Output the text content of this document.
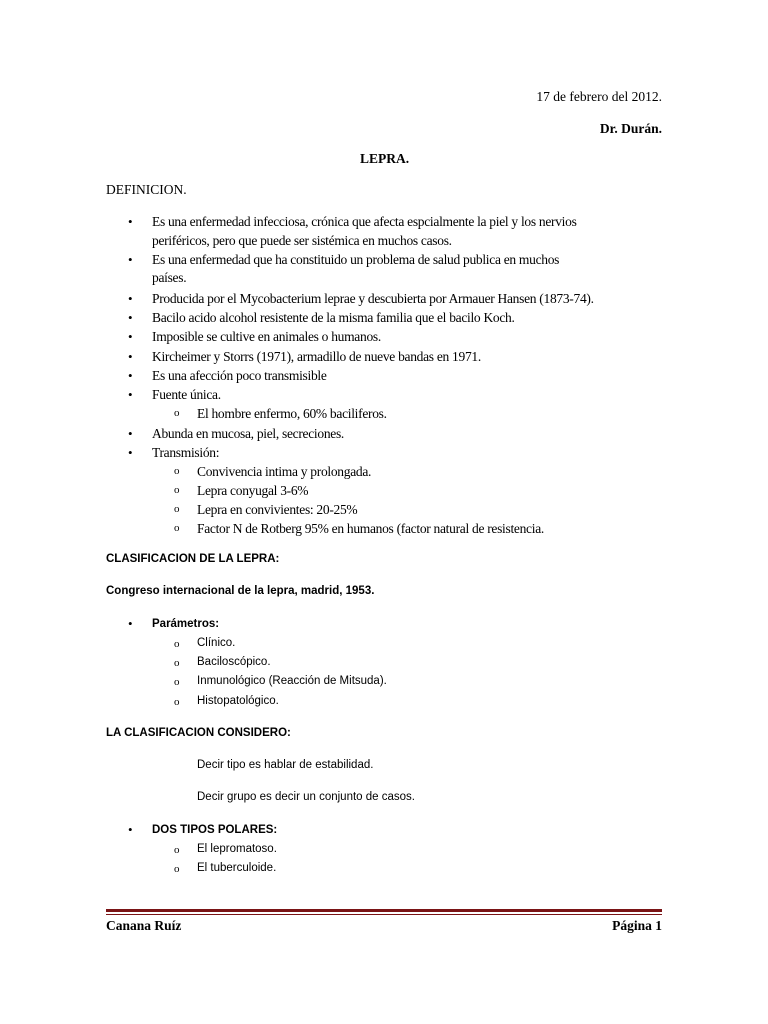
17 de febrero del 2012.
Dr. Durán.
LEPRA.
DEFINICION.
• Es una enfermedad infecciosa, crónica que afecta espcialmente la piel y los nervios
periféricos, pero que puede ser sistémica en muchos casos.
• Es una enfermedad que ha constituido un problema de salud publica en muchos
países.
• Producida por el Mycobacterium leprae y descubierta por Armauer Hansen (1873-74).
• Bacilo acido alcohol resistente de la misma familia que el bacilo Koch.
• Imposible se cultive en animales o humanos.
• Kircheimer y Storrs (1971), armadillo de nueve bandas en 1971.
• Es una afección poco transmisible
• Fuente única.
o El hombre enfermo, 60% baciliferos.
• Abunda en mucosa, piel, secreciones.
• Transmisión:
o Convivencia intima y prolongada.
o Lepra conyugal 3-6%
o Lepra en convivientes: 20-25%
o Factor N de Rotberg 95% en humanos (factor natural de resistencia.
CLASIFICACION DE LA LEPRA:
Congreso internacional de la lepra, madrid, 1953.
• Parámetros:
o Clínico.
o Baciloscópico.
o Inmunológico (Reacción de Mitsuda).
o Histopatológico.
LA CLASIFICACION CONSIDERO:
Decir tipo es hablar de estabilidad.
Decir grupo es decir un conjunto de casos.
• DOS TIPOS POLARES:
o El lepromatoso.
o El tuberculoide.
Canana Ruíz	Página 1
